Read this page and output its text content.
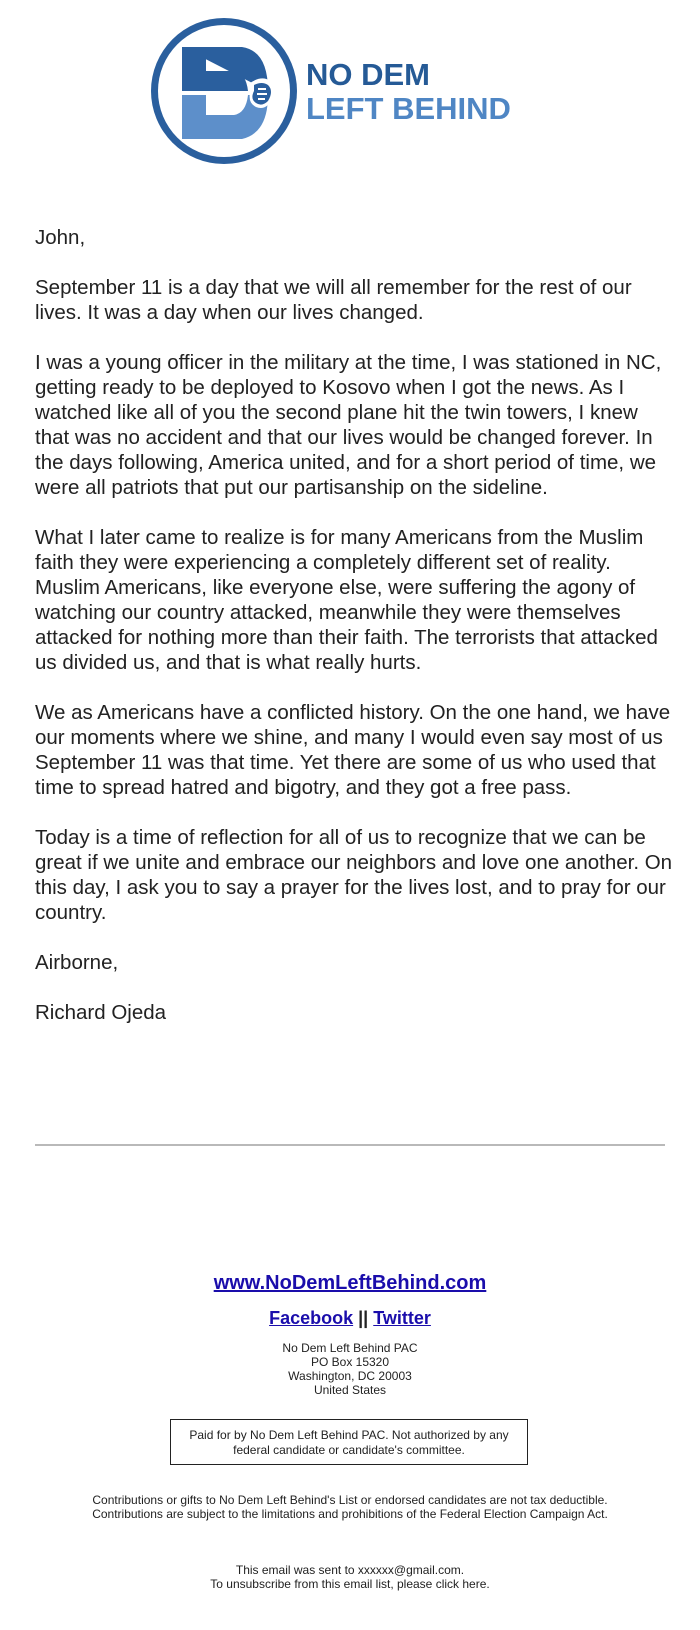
NO DEM
LEFT BEHIND

John,

September 11 is a day that we will all remember for the rest of our lives. It was a day when our lives changed.

I was a young officer in the military at the time, I was stationed in NC, getting ready to be deployed to Kosovo when I got the news. As I watched like all of you the second plane hit the twin towers, I knew that was no accident and that our lives would be changed forever. In the days following, America united, and for a short period of time, we were all patriots that put our partisanship on the sideline.

What I later came to realize is for many Americans from the Muslim faith they were experiencing a completely different set of reality. Muslim Americans, like everyone else, were suffering the agony of watching our country attacked, meanwhile they were themselves attacked for nothing more than their faith. The terrorists that attacked us divided us, and that is what really hurts.

We as Americans have a conflicted history. On the one hand, we have our moments where we shine, and many I would even say most of us September 11 was that time. Yet there are some of us who used that time to spread hatred and bigotry, and they got a free pass.

Today is a time of reflection for all of us to recognize that we can be great if we unite and embrace our neighbors and love one another. On this day, I ask you to say a prayer for the lives lost, and to pray for our country.

Airborne,

Richard Ojeda

www.NoDemLeftBehind.com
Facebook || Twitter
No Dem Left Behind PAC
PO Box 15320
Washington, DC 20003
United States
Paid for by No Dem Left Behind PAC. Not authorized by any federal candidate or candidate's committee.
Contributions or gifts to No Dem Left Behind's List or endorsed candidates are not tax deductible.
Contributions are subject to the limitations and prohibitions of the Federal Election Campaign Act.
This email was sent to xxxxxx@gmail.com.
To unsubscribe from this email list, please click here.
